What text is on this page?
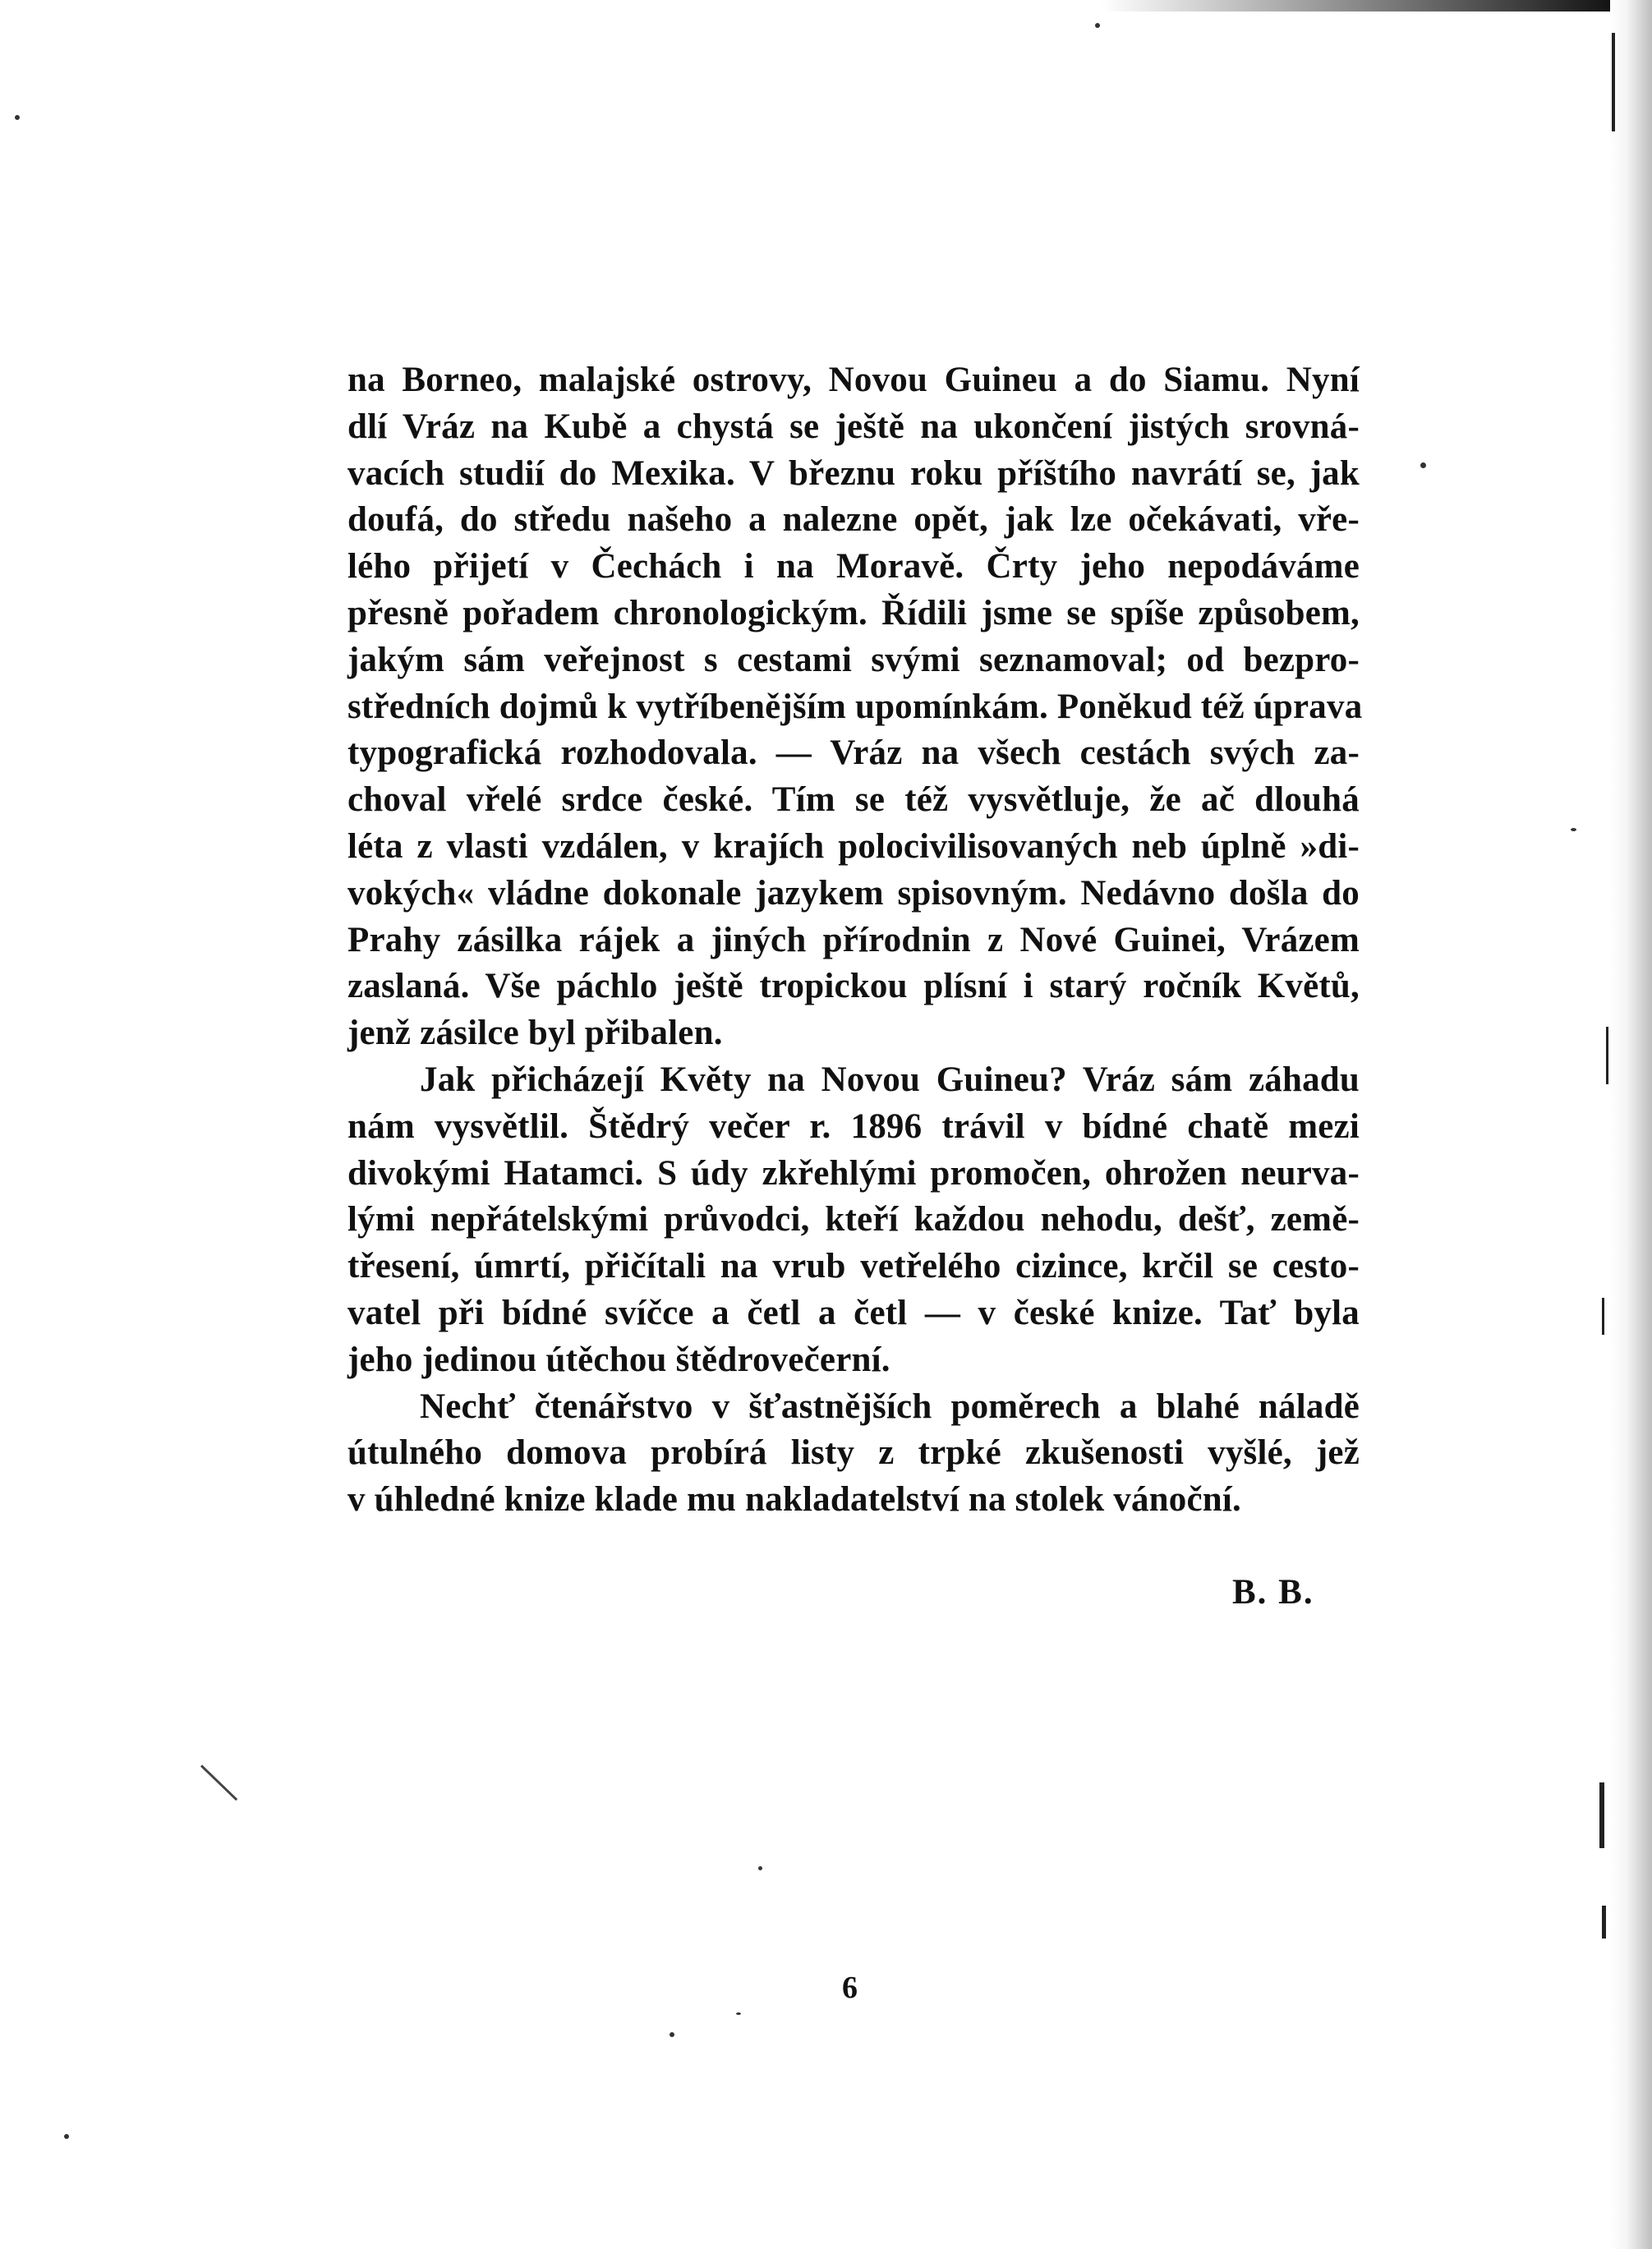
na Borneo, malajské ostrovy, Novou Guineu a do Siamu. Nyní
dlí Vráz na Kubě a chystá se ještě na ukončení jistých srovná-
vacích studií do Mexika. V březnu roku příštího navrátí se, jak
doufá, do středu našeho a nalezne opět, jak lze očekávati, vře-
lého přijetí v Čechách i na Moravě. Črty jeho nepodáváme
přesně pořadem chronologickým. Řídili jsme se spíše způsobem,
jakým sám veřejnost s cestami svými seznamoval; od bezpro-
středních dojmů k vytříbenějším upomínkám. Poněkud též úprava
typografická rozhodovala. — Vráz na všech cestách svých za-
choval vřelé srdce české. Tím se též vysvětluje, že ač dlouhá
léta z vlasti vzdálen, v krajích polocivilisovaných neb úplně »di-
vokých« vládne dokonale jazykem spisovným. Nedávno došla do
Prahy zásilka rájek a jiných přírodnin z Nové Guinei, Vrázem
zaslaná. Vše páchlo ještě tropickou plísní i starý ročník Květů,
jenž zásilce byl přibalen.
Jak přicházejí Květy na Novou Guineu? Vráz sám záhadu
nám vysvětlil. Štědrý večer r. 1896 trávil v bídné chatě mezi
divokými Hatamci. S údy zkřehlými promočen, ohrožen neurva-
lými nepřátelskými průvodci, kteří každou nehodu, dešť, země-
třesení, úmrtí, přičítali na vrub vetřelého cizince, krčil se cesto-
vatel při bídné svíčce a četl a četl — v české knize. Tať byla
jeho jedinou útěchou štědrovečerní.
Nechť čtenářstvo v šťastnějších poměrech a blahé náladě
útulného domova probírá listy z trpké zkušenosti vyšlé, jež
v úhledné knize klade mu nakladatelství na stolek vánoční.
B. B.
6
